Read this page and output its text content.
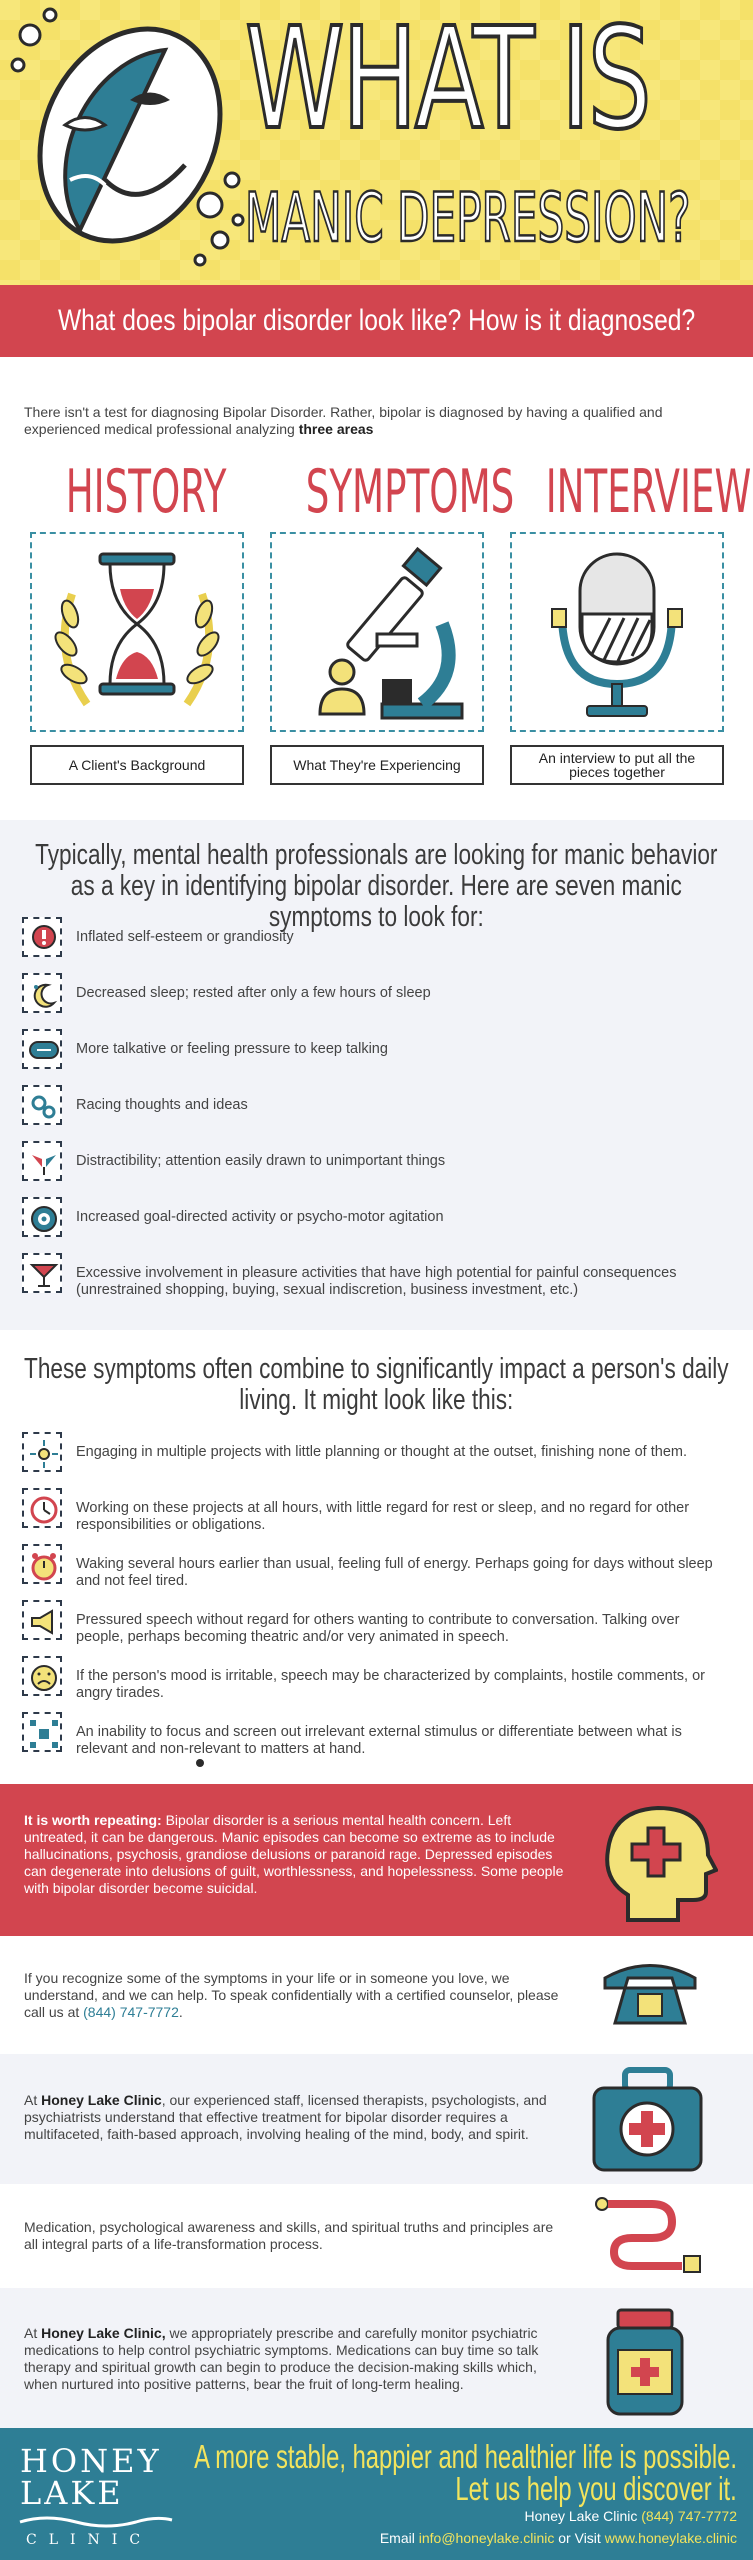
WHAT IS
MANIC DEPRESSION?
What does bipolar disorder look like? How is it diagnosed?

There isn't a test for diagnosing Bipolar Disorder. Rather, bipolar is diagnosed by having a qualified and experienced medical professional analyzing three areas

HISTORY
A Client's Background
SYMPTOMS
What They're Experiencing
INTERVIEW
An interview to put all the pieces together
Typically, mental health professionals are looking for manic behavior as a key in identifying bipolar disorder. Here are seven manic symptoms to look for:
Inflated self-esteem or grandiosity
Decreased sleep; rested after only a few hours of sleep
More talkative or feeling pressure to keep talking
Racing thoughts and ideas
Distractibility; attention easily drawn to unimportant things
Increased goal-directed activity or psycho-motor agitation
Excessive involvement in pleasure activities that have high potential for painful consequences (unrestrained shopping, buying, sexual indiscretion, business investment, etc.)
These symptoms often combine to significantly impact a person's daily living. It might look like this:
Engaging in multiple projects with little planning or thought at the outset, finishing none of them.
Working on these projects at all hours, with little regard for rest or sleep, and no regard for other responsibilities or obligations.
Waking several hours earlier than usual, feeling full of energy. Perhaps going for days without sleep and not feel tired.
Pressured speech without regard for others wanting to contribute to conversation. Talking over people, perhaps becoming theatric and/or very animated in speech.
If the person's mood is irritable, speech may be characterized by complaints, hostile comments, or angry tirades.
An inability to focus and screen out irrelevant external stimulus or differentiate between what is relevant and non-relevant to matters at hand.

It is worth repeating: Bipolar disorder is a serious mental health concern. Left untreated, it can be dangerous. Manic episodes can become so extreme as to include hallucinations, psychosis, grandiose delusions or paranoid rage. Depressed episodes can degenerate into delusions of guilt, worthlessness, and hopelessness. Some people with bipolar disorder become suicidal.

If you recognize some of the symptoms in your life or in someone you love, we understand, and we can help. To speak confidentially with a certified counselor, please call us at (844) 747-7772.

At Honey Lake Clinic, our experienced staff, licensed therapists, psychologists, and psychiatrists understand that effective treatment for bipolar disorder requires a multifaceted, faith-based approach, involving healing of the mind, body, and spirit.

Medication, psychological awareness and skills, and spiritual truths and principles are all integral parts of a life-transformation process.

At Honey Lake Clinic, we appropriately prescribe and carefully monitor psychiatric medications to help control psychiatric symptoms. Medications can buy time so talk therapy and spiritual growth can begin to produce the decision-making skills which, when nurtured into positive patterns, bear the fruit of long-term healing.

HONEY
LAKE
CLINIC
A more stable, happier and healthier life is possible.
Let us help you discover it.
Honey Lake Clinic (844) 747-7772
Email info@honeylake.clinic or Visit www.honeylake.clinic
